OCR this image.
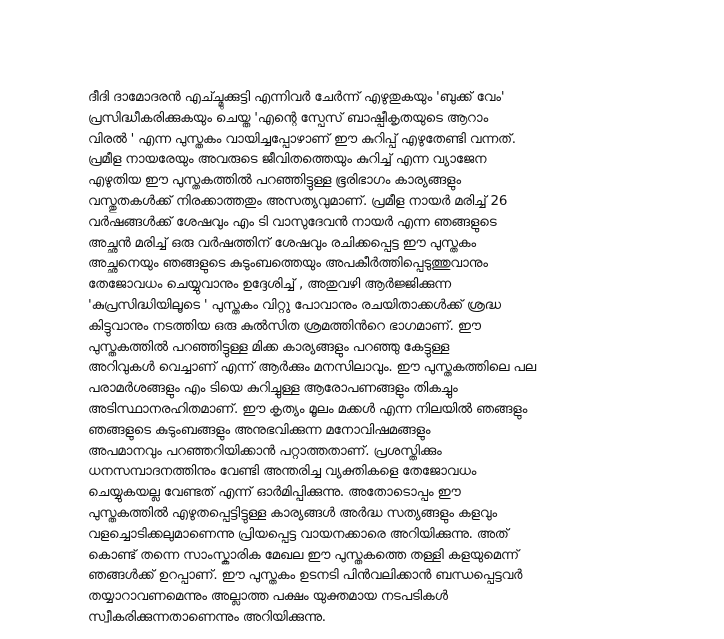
ദീദി ദാമോദരൻ എച്ച്മുക്കുട്ടി എന്നിവർ ചേർന്ന് എഴുതുകയും 'ബുക്ക് വേം'
പ്രസിദ്ധീകരിക്കുകയും ചെയ്ത 'എന്റെ സ്പേസ് ബാഷ്പീകൃതയുടെ ആറാം
വിരൽ ' എന്ന പുസ്തകം വായിച്ചപ്പോഴാണ് ഈ കുറിപ്പ് എഴുതേണ്ടി വന്നത്.
പ്രമീള നായരേയും അവരുടെ ജീവിതത്തെയും കുറിച്ച് എന്ന വ്യാജേന
എഴുതിയ ഈ പുസ്തകത്തിൽ പറഞ്ഞിട്ടുള്ള ഭൂരിഭാഗം കാര്യങ്ങളും
വസ്തുതകൾക്ക് നിരക്കാത്തതും അസത്യവുമാണ്. പ്രമീള നായർ മരിച്ച് 26
വർഷങ്ങൾക്ക് ശേഷവും എം ടി വാസുദേവൻ നായർ എന്ന ഞങ്ങളുടെ
അച്ഛൻ മരിച്ച് ഒരു വർഷത്തിന് ശേഷവും രചിക്കപ്പെട്ട ഈ പുസ്തകം
അച്ഛനെയും ഞങ്ങളുടെ കുടുംബത്തെയും അപകീർത്തിപ്പെടുത്തുവാനും
തേജോവധം ചെയ്യുവാനും ഉദ്ദേശിച്ച് , അതുവഴി ആർജ്ജിക്കുന്ന
'കുപ്രസിദ്ധിയിലൂടെ ' പുസ്തകം വിറ്റു പോവാനും രചയിതാക്കൾക്ക് ശ്രദ്ധ
കിട്ടുവാനും നടത്തിയ ഒരു കുൽസിത ശ്രമത്തിൻറെ ഭാഗമാണ്. ഈ
പുസ്തകത്തിൽ പറഞ്ഞിട്ടുള്ള മിക്ക കാര്യങ്ങളും പറഞ്ഞു കേട്ടുള്ള
അറിവുകൾ വെച്ചാണ് എന്ന് ആർക്കും മനസിലാവും. ഈ പുസ്തകത്തിലെ പല
പരാമർശങ്ങളും എം ടിയെ കുറിച്ചുള്ള ആരോപണങ്ങളും തികച്ചും
അടിസ്ഥാനരഹിതമാണ്. ഈ കൃത്യം മൂലം മക്കൾ എന്ന നിലയിൽ ഞങ്ങളും
ഞങ്ങളുടെ കുടുംബങ്ങളും അനുഭവിക്കുന്ന മനോവിഷമങ്ങളും
അപമാനവും പറഞ്ഞറിയിക്കാൻ പറ്റാത്തതാണ്. പ്രശസ്തിക്കും
ധനസമ്പാദനത്തിനും വേണ്ടി അന്തരിച്ച വ്യക്തികളെ തേജോവധം
ചെയ്യുകയല്ല വേണ്ടത് എന്ന് ഓർമിപ്പിക്കുന്നു. അതോടൊപ്പം ഈ
പുസ്തകത്തിൽ എഴുതപ്പെട്ടിട്ടുള്ള കാര്യങ്ങൾ അർദ്ധ സത്യങ്ങളും കളവും
വളച്ചൊടിക്കലുമാണെന്നു പ്രിയപ്പെട്ട വായനക്കാരെ അറിയിക്കുന്നു. അത്
കൊണ്ട് തന്നെ സാംസ്കാരിക മേഖല ഈ പുസ്തകത്തെ തള്ളി കളയുമെന്ന്
ഞങ്ങൾക്ക് ഉറപ്പാണ്. ഈ പുസ്തകം ഉടനടി പിൻവലിക്കാൻ ബന്ധപ്പെട്ടവർ
തയ്യാറാവണമെന്നും അല്ലാത്ത പക്ഷം യുക്തമായ നടപടികൾ
സ്വീകരിക്കുന്നതാണെന്നും അറിയിക്കുന്നു.
